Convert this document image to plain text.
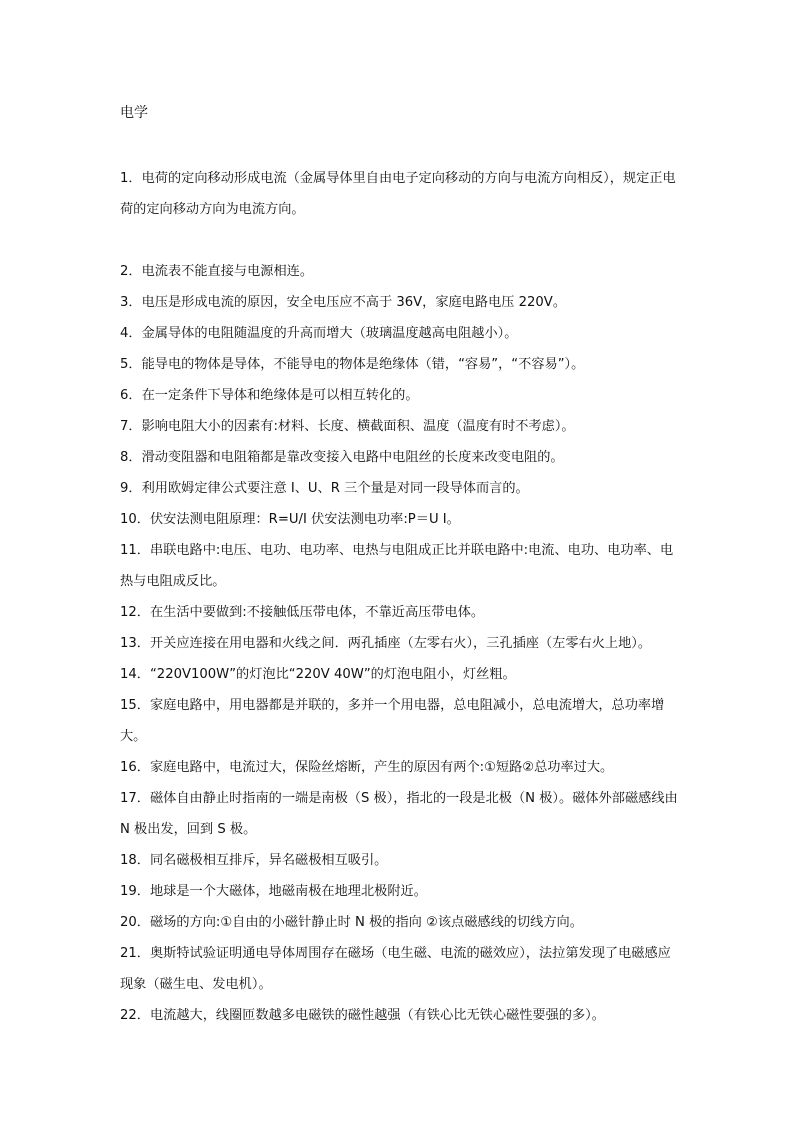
电学
1．电荷的定向移动形成电流（金属导体里自由电子定向移动的方向与电流方向相反），规定正电荷的定向移动方向为电流方向。
2．电流表不能直接与电源相连。
3．电压是形成电流的原因，安全电压应不高于 36V，家庭电路电压 220V。
4．金属导体的电阻随温度的升高而增大（玻璃温度越高电阻越小）。
5．能导电的物体是导体，不能导电的物体是绝缘体（错，“容易”，“不容易”）。
6．在一定条件下导体和绝缘体是可以相互转化的。
7．影响电阻大小的因素有:材料、长度、横截面积、温度（温度有时不考虑）。
8．滑动变阻器和电阻箱都是靠改变接入电路中电阻丝的长度来改变电阻的。
9．利用欧姆定律公式要注意 I、U、R 三个量是对同一段导体而言的。
10．伏安法测电阻原理：R=U/I 伏安法测电功率:P＝U I。
11．串联电路中:电压、电功、电功率、电热与电阻成正比并联电路中:电流、电功、电功率、电热与电阻成反比。
12．在生活中要做到:不接触低压带电体，不靠近高压带电体。
13．开关应连接在用电器和火线之间．两孔插座（左零右火），三孔插座（左零右火上地）。
14．“220V100W”的灯泡比“220V 40W”的灯泡电阻小，灯丝粗。
15．家庭电路中，用电器都是并联的，多并一个用电器，总电阻减小，总电流增大，总功率增大。
16．家庭电路中，电流过大，保险丝熔断，产生的原因有两个:①短路②总功率过大。
17．磁体自由静止时指南的一端是南极（S 极），指北的一段是北极（N 极）。磁体外部磁感线由 N 极出发，回到 S 极。
18．同名磁极相互排斥，异名磁极相互吸引。
19．地球是一个大磁体，地磁南极在地理北极附近。
20．磁场的方向:①自由的小磁针静止时 N 极的指向 ②该点磁感线的切线方向。
21．奥斯特试验证明通电导体周围存在磁场（电生磁、电流的磁效应），法拉第发现了电磁感应现象（磁生电、发电机）。
22．电流越大，线圈匝数越多电磁铁的磁性越强（有铁心比无铁心磁性要强的多）。
